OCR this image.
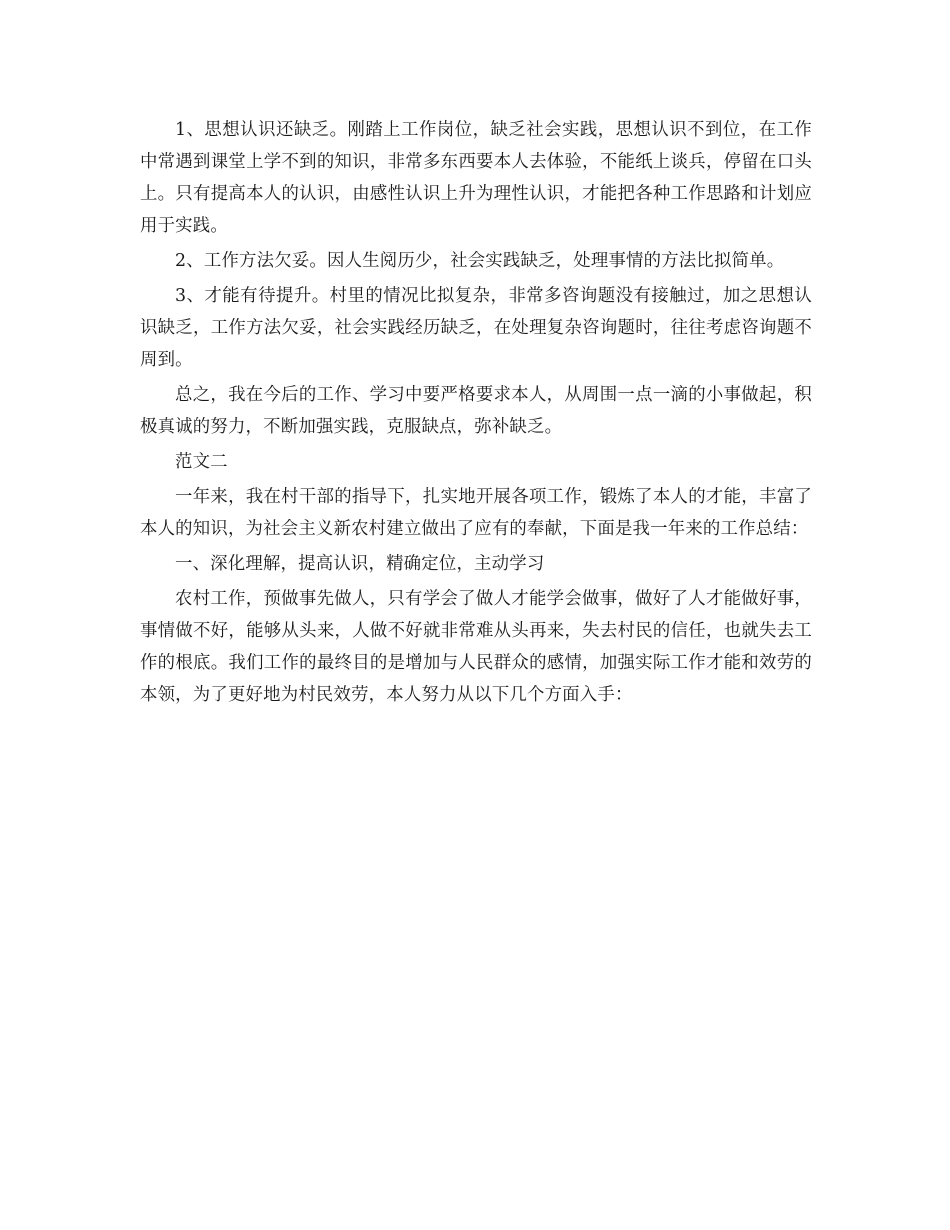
1、思想认识还缺乏。刚踏上工作岗位，缺乏社会实践，思想认识不到位，在工作中常遇到课堂上学不到的知识，非常多东西要本人去体验，不能纸上谈兵，停留在口头上。只有提高本人的认识，由感性认识上升为理性认识，才能把各种工作思路和计划应用于实践。

2、工作方法欠妥。因人生阅历少，社会实践缺乏，处理事情的方法比拟简单。

3、才能有待提升。村里的情况比拟复杂，非常多咨询题没有接触过，加之思想认识缺乏，工作方法欠妥，社会实践经历缺乏，在处理复杂咨询题时，往往考虑咨询题不周到。

总之，我在今后的工作、学习中要严格要求本人，从周围一点一滴的小事做起，积极真诚的努力，不断加强实践，克服缺点，弥补缺乏。

范文二

一年来，我在村干部的指导下，扎实地开展各项工作，锻炼了本人的才能，丰富了本人的知识，为社会主义新农村建立做出了应有的奉献，下面是我一年来的工作总结：

一、深化理解，提高认识，精确定位，主动学习

农村工作，预做事先做人，只有学会了做人才能学会做事，做好了人才能做好事，事情做不好，能够从头来，人做不好就非常难从头再来，失去村民的信任，也就失去工作的根底。我们工作的最终目的是增加与人民群众的感情，加强实际工作才能和效劳的本领，为了更好地为村民效劳，本人努力从以下几个方面入手：
